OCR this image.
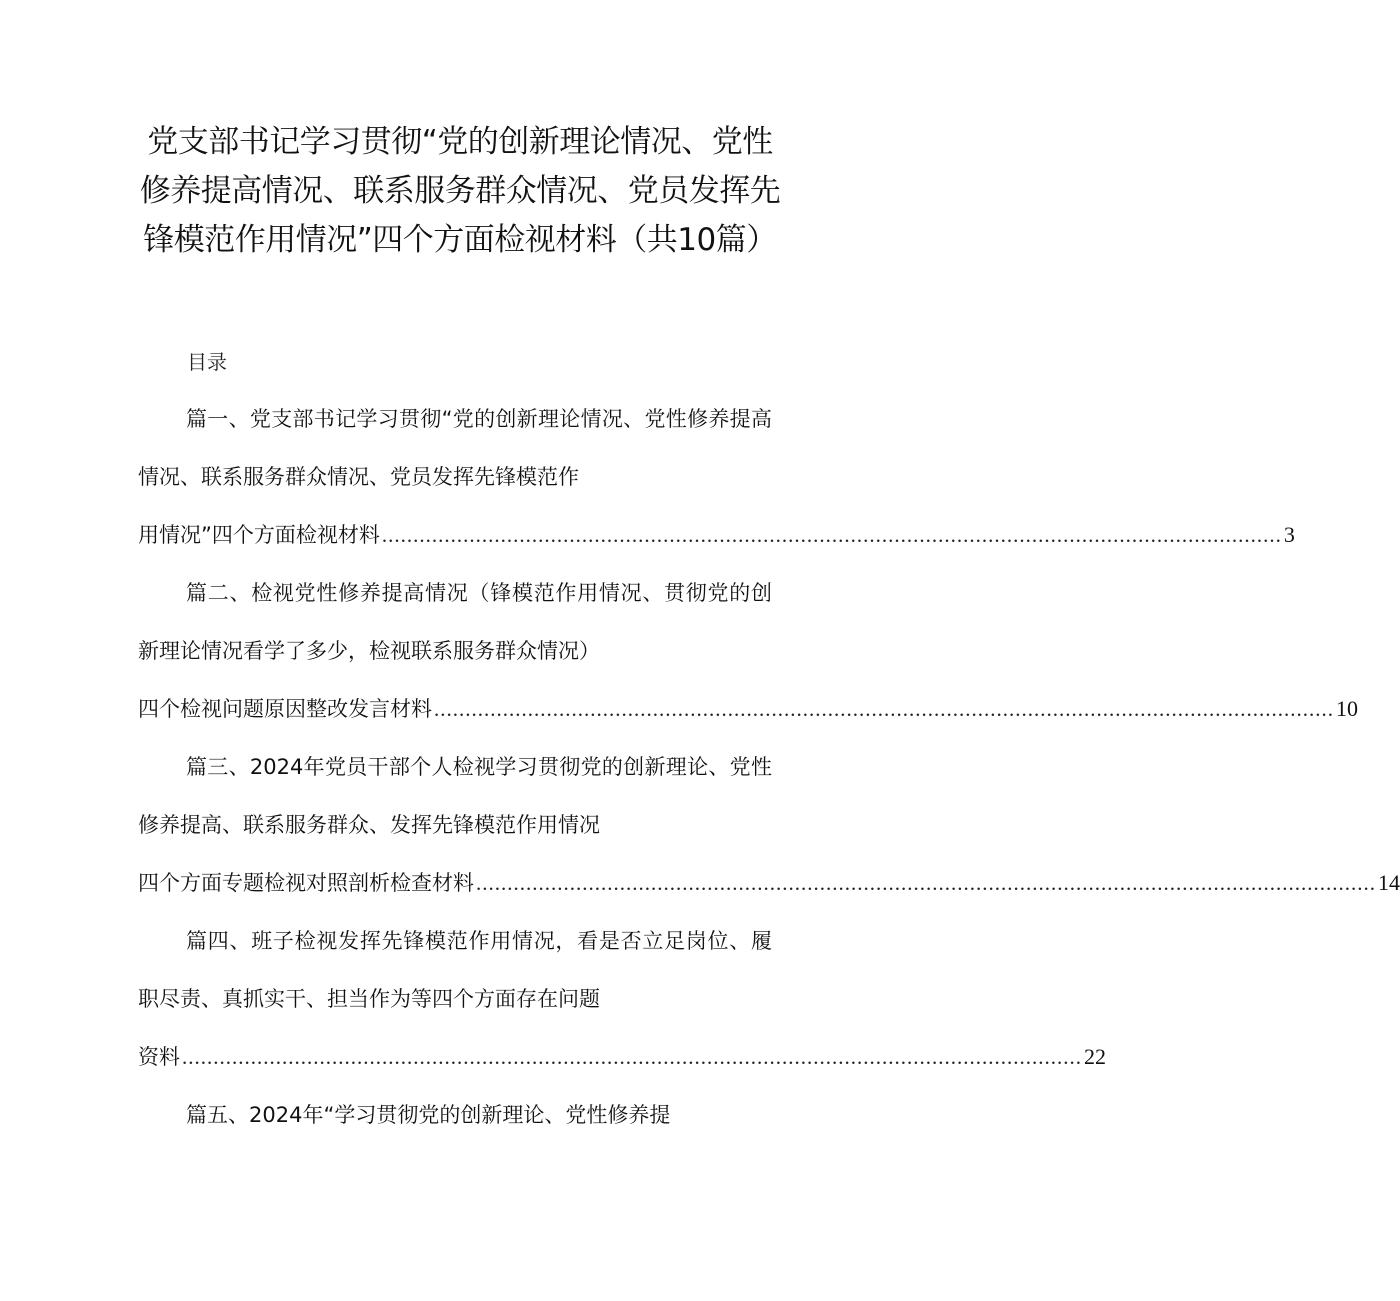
党支部书记学习贯彻“党的创新理论情况、党性修养提高情况、联系服务群众情况、党员发挥先锋模范作用情况”四个方面检视材料（共10篇）
目录
篇一、党支部书记学习贯彻“党的创新理论情况、党性修养提高情况、联系服务群众情况、党员发挥先锋模范作
用情况”四个方面检视材料 ................................................................................................................................................ 3
篇二、检视党性修养提高情况（锋模范作用情况、贯彻党的创新理论情况看学了多少，检视联系服务群众情况）
四个检视问题原因整改发言材料 ................................................................................................................................................ 10
篇三、2024年党员干部个人检视学习贯彻党的创新理论、党性修养提高、联系服务群众、发挥先锋模范作用情况
四个方面专题检视对照剖析检查材料 ................................................................................................................................................ 14
篇四、班子检视发挥先锋模范作用情况，看是否立足岗位、履职尽责、真抓实干、担当作为等四个方面存在问题
资料 ................................................................................................................................................ 22
篇五、2024年“学习贯彻党的创新理论、党性修养提
